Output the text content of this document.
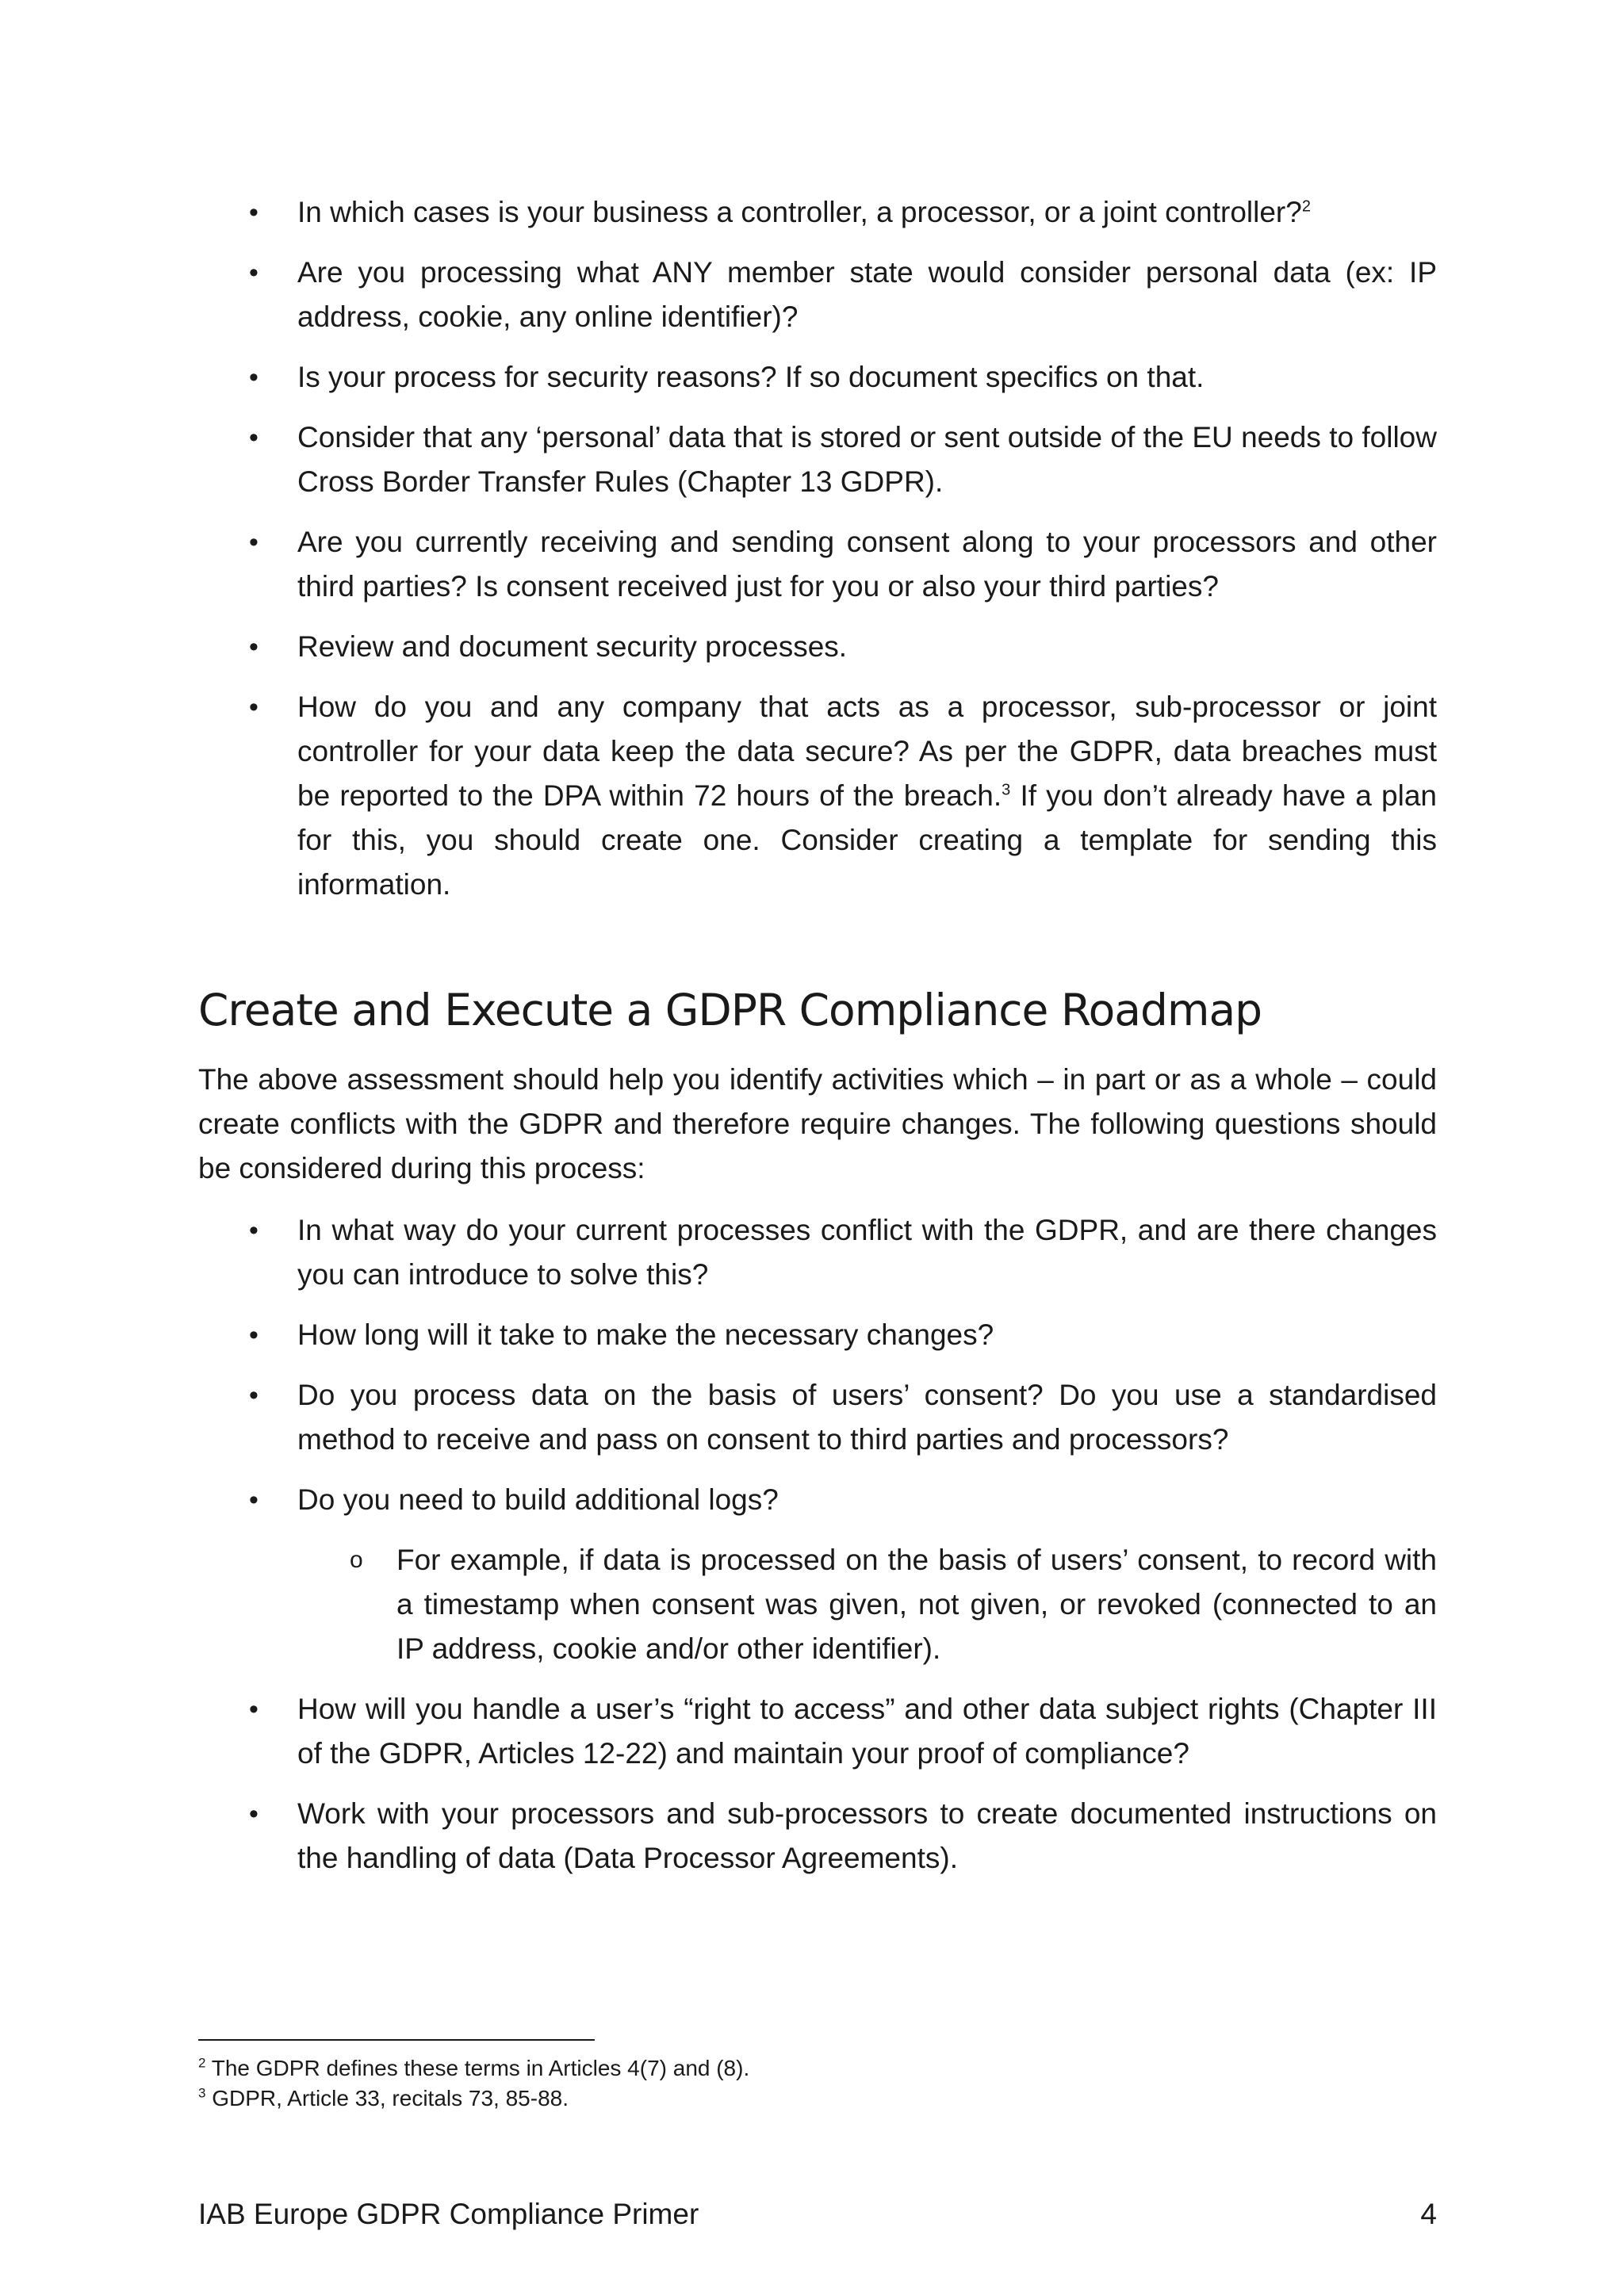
• In which cases is your business a controller, a processor, or a joint controller?$^2$
• Are you processing what ANY member state would consider personal data (ex: IP address, cookie, any online identifier)?
• Is your process for security reasons? If so document specifics on that.
• Consider that any ‘personal’ data that is stored or sent outside of the EU needs to follow Cross Border Transfer Rules (Chapter 13 GDPR).
• Are you currently receiving and sending consent along to your processors and other third parties? Is consent received just for you or also your third parties?
• Review and document security processes.
• How do you and any company that acts as a processor, sub-processor or joint controller for your data keep the data secure? As per the GDPR, data breaches must be reported to the DPA within 72 hours of the breach.$^3$ If you don’t already have a plan for this, you should create one. Consider creating a template for sending this information.
Create and Execute a GDPR Compliance Roadmap

The above assessment should help you identify activities which – in part or as a whole – could create conflicts with the GDPR and therefore require changes. The following questions should be considered during this process:

• In what way do your current processes conflict with the GDPR, and are there changes you can introduce to solve this?
• How long will it take to make the necessary changes?
• Do you process data on the basis of users’ consent? Do you use a standardised method to receive and pass on consent to third parties and processors?
• Do you need to build additional logs?
o For example, if data is processed on the basis of users’ consent, to record with a timestamp when consent was given, not given, or revoked (connected to an IP address, cookie and/or other identifier).
• How will you handle a user’s “right to access” and other data subject rights (Chapter III of the GDPR, Articles 12-22) and maintain your proof of compliance?
• Work with your processors and sub-processors to create documented instructions on the handling of data (Data Processor Agreements).

$^2$ The GDPR defines these terms in Articles 4(7) and (8).

$^3$ GDPR, Article 33, recitals 73, 85-88.

IAB Europe GDPR Compliance Primer	4
